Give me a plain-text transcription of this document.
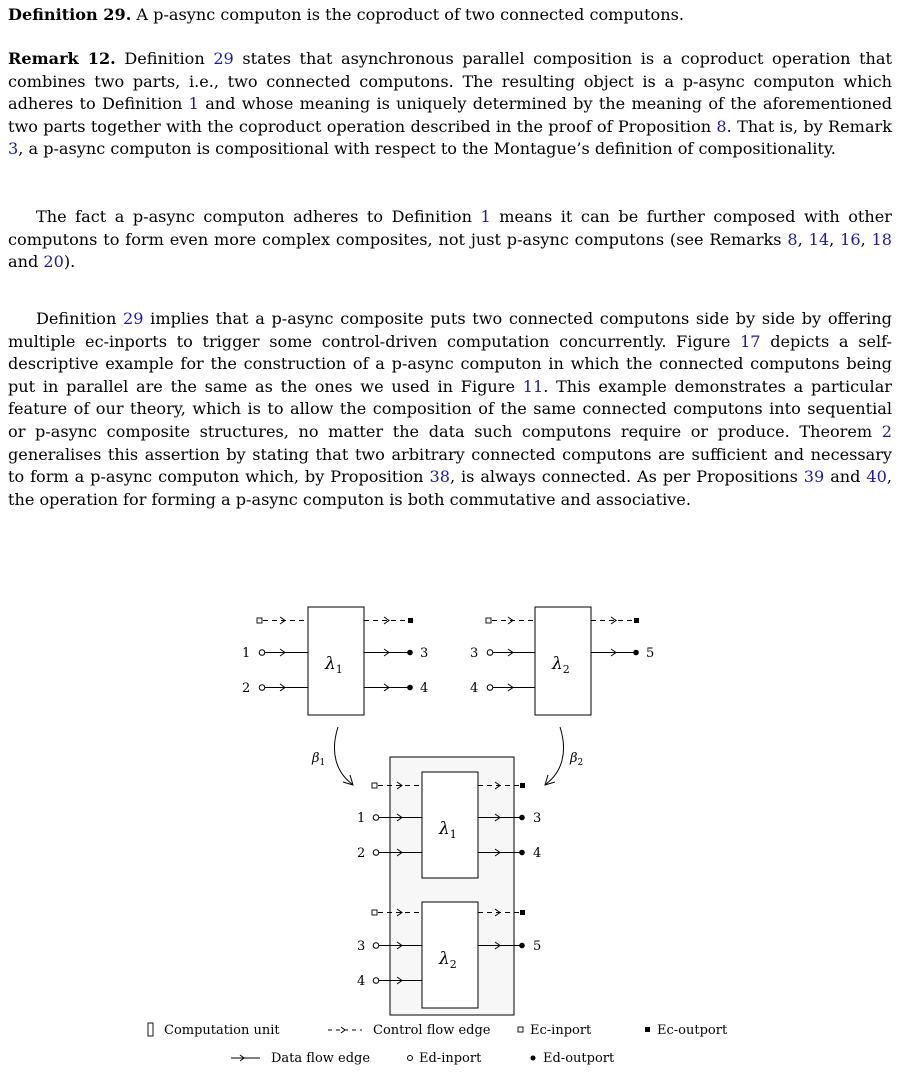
Definition 29. A p-async computon is the coproduct of two connected computons.

Remark 12. Definition 29 states that asynchronous parallel composition is a coproduct operation that combines two parts, i.e., two connected computons. The resulting object is a p-async computon which adheres to Definition 1 and whose meaning is uniquely determined by the meaning of the aforementioned two parts together with the coproduct operation described in the proof of Proposition 8. That is, by Remark 3, a p-async computon is compositional with respect to the Montague’s definition of compositionality.

The fact a p-async computon adheres to Definition 1 means it can be further composed with other computons to form even more complex composites, not just p-async computons (see Remarks 8, 14, 16, 18 and 20).

Definition 29 implies that a p-async composite puts two connected computons side by side by offering multiple ec-inports to trigger some control-driven computation concurrently. Figure 17 depicts a self-descriptive example for the construction of a p-async computon in which the connected computons being put in parallel are the same as the ones we used in Figure 11. This example demonstrates a particular feature of our theory, which is to allow the composition of the same connected computons into sequential or p-async composite structures, no matter the data such computons require or produce. Theorem 2 generalises this assertion by stating that two arbitrary connected computons are sufficient and necessary to form a p-async computon which, by Proposition 38, is always connected. As per Propositions 39 and 40, the operation for forming a p-async computon is both commutative and associative.

$\lambda_1$
1
2
3
4
$\lambda_2$
3
4
5
$\beta_1$	$\beta_2$
$\lambda_1$
1
2
3
4
$\lambda_2$
3
4
5
Computation unit	Control flow edge	Ec-inport	Ec-outport
Data flow edge	Ed-inport	Ed-outport
